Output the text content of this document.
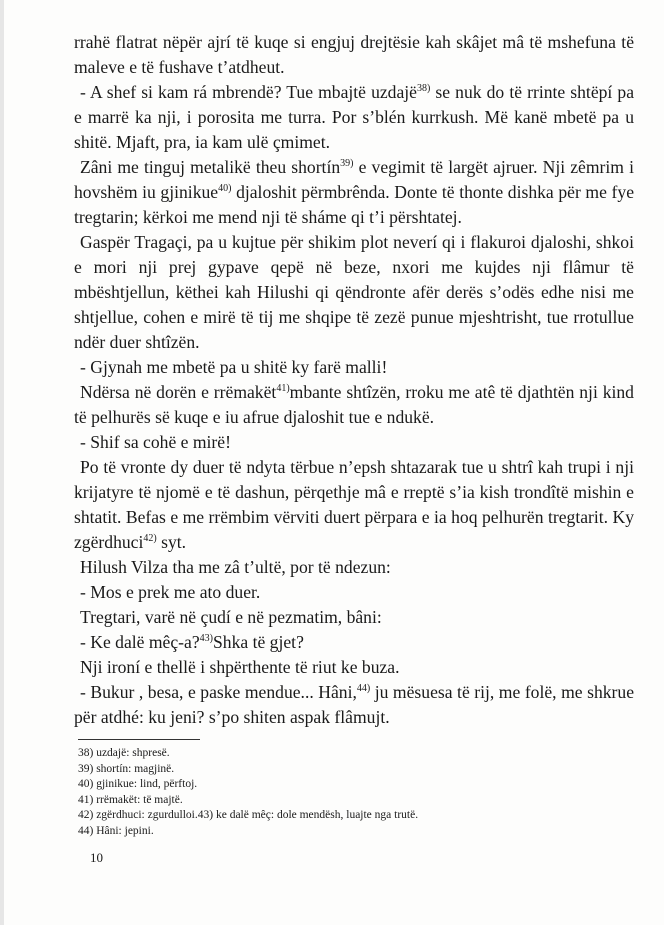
rrahë flatrat nëpër ajrí të kuqe si engjuj drejtësie kah skâjet mâ të mshefuna të maleve e të fushave t’atdheut.

- A shef si kam rá mbrendë? Tue mbajtë uzdajë$^{38)}$ se nuk do të rrinte shtëpí pa e marrë ka nji, i porosita me turra. Por s’blén kurrkush. Më kanë mbetë pa u shitë. Mjaft, pra, ia kam ulë çmimet.

Zâni me tinguj metalikë theu shortín$^{39)}$ e vegimit të largët ajruer. Nji zêmrim i hovshëm iu gjinikue$^{40)}$ djaloshit përmbrênda. Donte të thonte dishka për me fye tregtarin; kërkoi me mend nji të sháme qi t’i përshtatej.

Gaspër Tragaçi, pa u kujtue për shikim plot neverí qi i flakuroi djaloshi, shkoi e mori nji prej gypave qepë në beze, nxori me kujdes nji flâmur të mbështjellun, këthei kah Hilushi qi qëndronte afër derës s’odës edhe nisi me shtjellue, cohen e mirë të tij me shqipe të zezë punue mjeshtrisht, tue rrotullue ndër duer shtîzën.

- Gjynah me mbetë pa u shitë ky farë malli!

Ndërsa në dorën e rrëmakët$^{41)}$mbante shtîzën, rroku me atê të djathtën nji kind të pelhurës së kuqe e iu afrue djaloshit tue e ndukë.

- Shif sa cohë e mirë!

Po të vronte dy duer të ndyta tërbue n’epsh shtazarak tue u shtrî kah trupi i nji krijatyre të njomë e të dashun, përqethje mâ e rreptë s’ia kish trondîtë mishin e shtatit. Befas e me rrëmbim vërviti duert përpara e ia hoq pelhurën tregtarit. Ky zgërdhuci$^{42)}$ syt.

Hilush Vilza tha me zâ t’ultë, por të ndezun:

- Mos e prek me ato duer.

Tregtari, varë në çudí e në pezmatim, bâni:

- Ke dalë mêç-a?$^{43)}$Shka të gjet?

Nji ironí e thellë i shpërthente të riut ke buza.

- Bukur , besa, e paske mendue... Hâni,$^{44)}$ ju mësuesa të rij, me folë, me shkrue për atdhé: ku jeni? s’po shiten aspak flâmujt.

38) uzdajë: shpresë.
39) shortín: magjinë.
40) gjinikue: lind, përftoj.
41) rrëmakët: të majtë.
42) zgërdhuci: zgurdulloi.43) ke dalë mêç: dole mendësh, luajte nga trutë.
44) Hâni: jepini.
10
